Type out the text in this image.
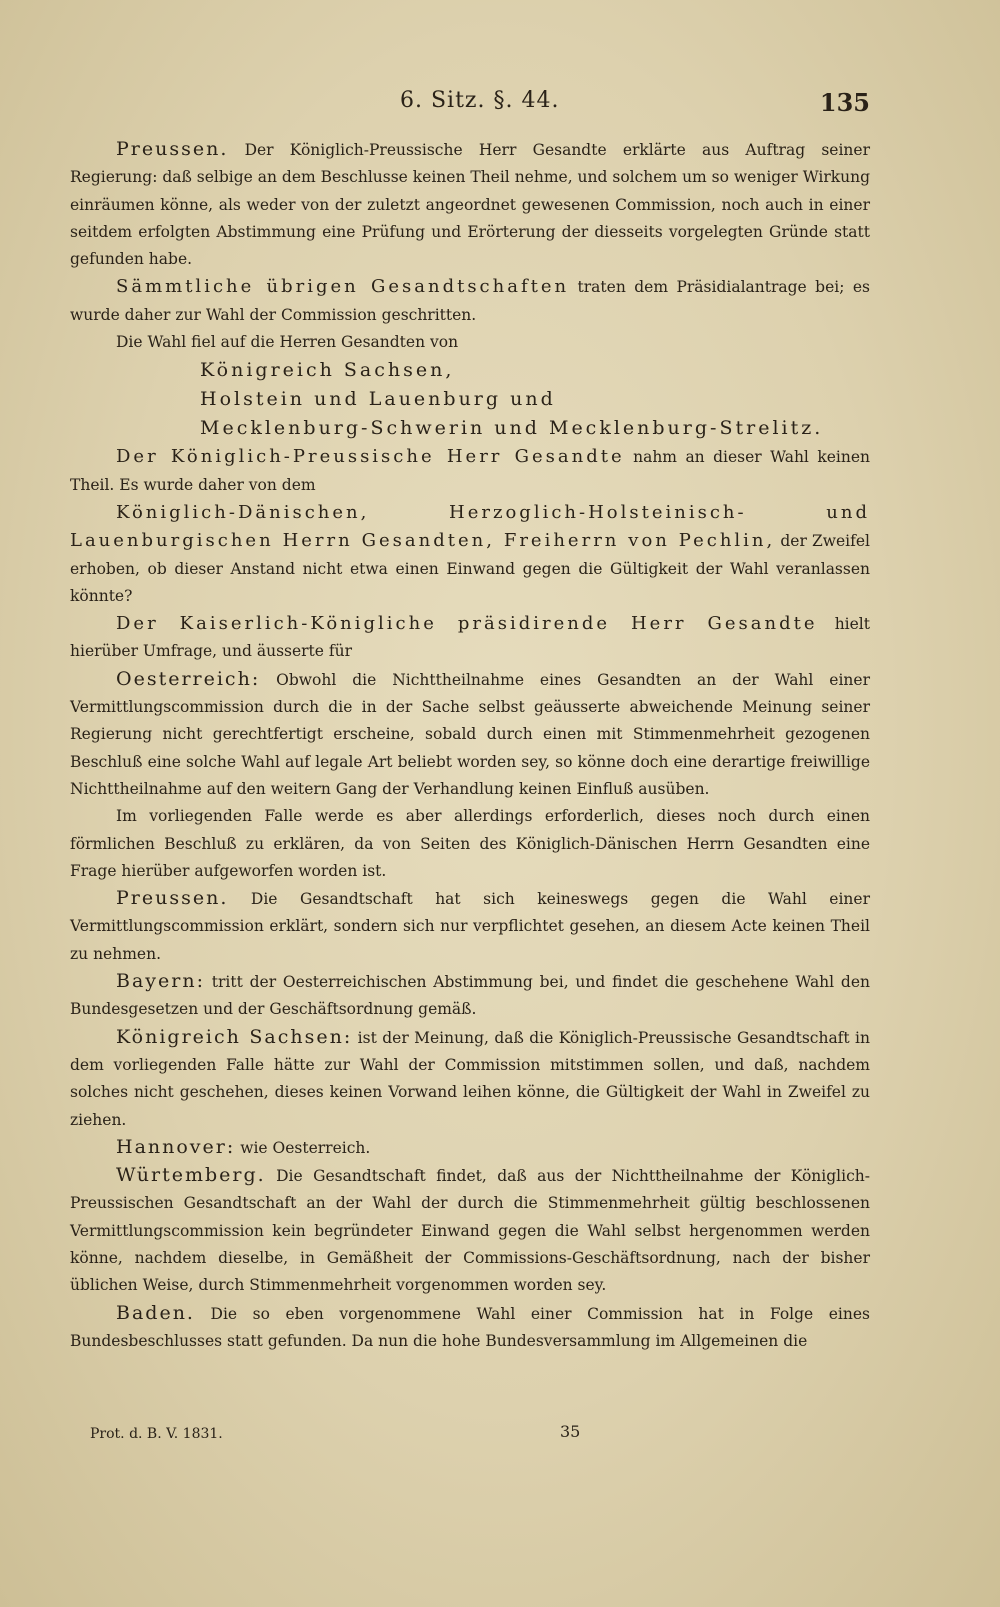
6. Sitz. §. 44.	135

Preussen. Der Königlich-Preussische Herr Gesandte erklärte aus Auftrag seiner Regierung: daß selbige an dem Beschlusse keinen Theil nehme, und solchem um so weniger Wirkung einräumen könne, als weder von der zuletzt angeordnet gewesenen Commission, noch auch in einer seitdem erfolgten Abstimmung eine Prüfung und Erörterung der diesseits vorgelegten Gründe statt gefunden habe.

Sämmtliche übrigen Gesandtschaften traten dem Präsidialantrage bei; es wurde daher zur Wahl der Commission geschritten.

Die Wahl fiel auf die Herren Gesandten von

Königreich Sachsen,
Holstein und Lauenburg und
Mecklenburg-Schwerin und Mecklenburg-Strelitz.

Der Königlich-Preussische Herr Gesandte nahm an dieser Wahl keinen Theil. Es wurde daher von dem

Königlich-Dänischen, Herzoglich-Holsteinisch- und Lauenburgischen Herrn Gesandten, Freiherrn von Pechlin, der Zweifel erhoben, ob dieser Anstand nicht etwa einen Einwand gegen die Gültigkeit der Wahl veranlassen könnte?

Der Kaiserlich-Königliche präsidirende Herr Gesandte hielt hierüber Umfrage, und äusserte für

Oesterreich: Obwohl die Nichttheilnahme eines Gesandten an der Wahl einer Vermittlungscommission durch die in der Sache selbst geäusserte abweichende Meinung seiner Regierung nicht gerechtfertigt erscheine, sobald durch einen mit Stimmenmehrheit gezogenen Beschluß eine solche Wahl auf legale Art beliebt worden sey, so könne doch eine derartige freiwillige Nichttheilnahme auf den weitern Gang der Verhandlung keinen Einfluß ausüben.

Im vorliegenden Falle werde es aber allerdings erforderlich, dieses noch durch einen förmlichen Beschluß zu erklären, da von Seiten des Königlich-Dänischen Herrn Gesandten eine Frage hierüber aufgeworfen worden ist.

Preussen. Die Gesandtschaft hat sich keineswegs gegen die Wahl einer Vermittlungscommission erklärt, sondern sich nur verpflichtet gesehen, an diesem Acte keinen Theil zu nehmen.

Bayern: tritt der Oesterreichischen Abstimmung bei, und findet die geschehene Wahl den Bundesgesetzen und der Geschäftsordnung gemäß.

Königreich Sachsen: ist der Meinung, daß die Königlich-Preussische Gesandtschaft in dem vorliegenden Falle hätte zur Wahl der Commission mitstimmen sollen, und daß, nachdem solches nicht geschehen, dieses keinen Vorwand leihen könne, die Gültigkeit der Wahl in Zweifel zu ziehen.

Hannover: wie Oesterreich.

Würtemberg. Die Gesandtschaft findet, daß aus der Nichttheilnahme der Königlich-Preussischen Gesandtschaft an der Wahl der durch die Stimmenmehrheit gültig beschlossenen Vermittlungscommission kein begründeter Einwand gegen die Wahl selbst hergenommen werden könne, nachdem dieselbe, in Gemäßheit der Commissions-Geschäftsordnung, nach der bisher üblichen Weise, durch Stimmenmehrheit vorgenommen worden sey.

Baden. Die so eben vorgenommene Wahl einer Commission hat in Folge eines Bundesbeschlusses statt gefunden. Da nun die hohe Bundesversammlung im Allgemeinen die

Prot. d. B. V. 1831.	35
